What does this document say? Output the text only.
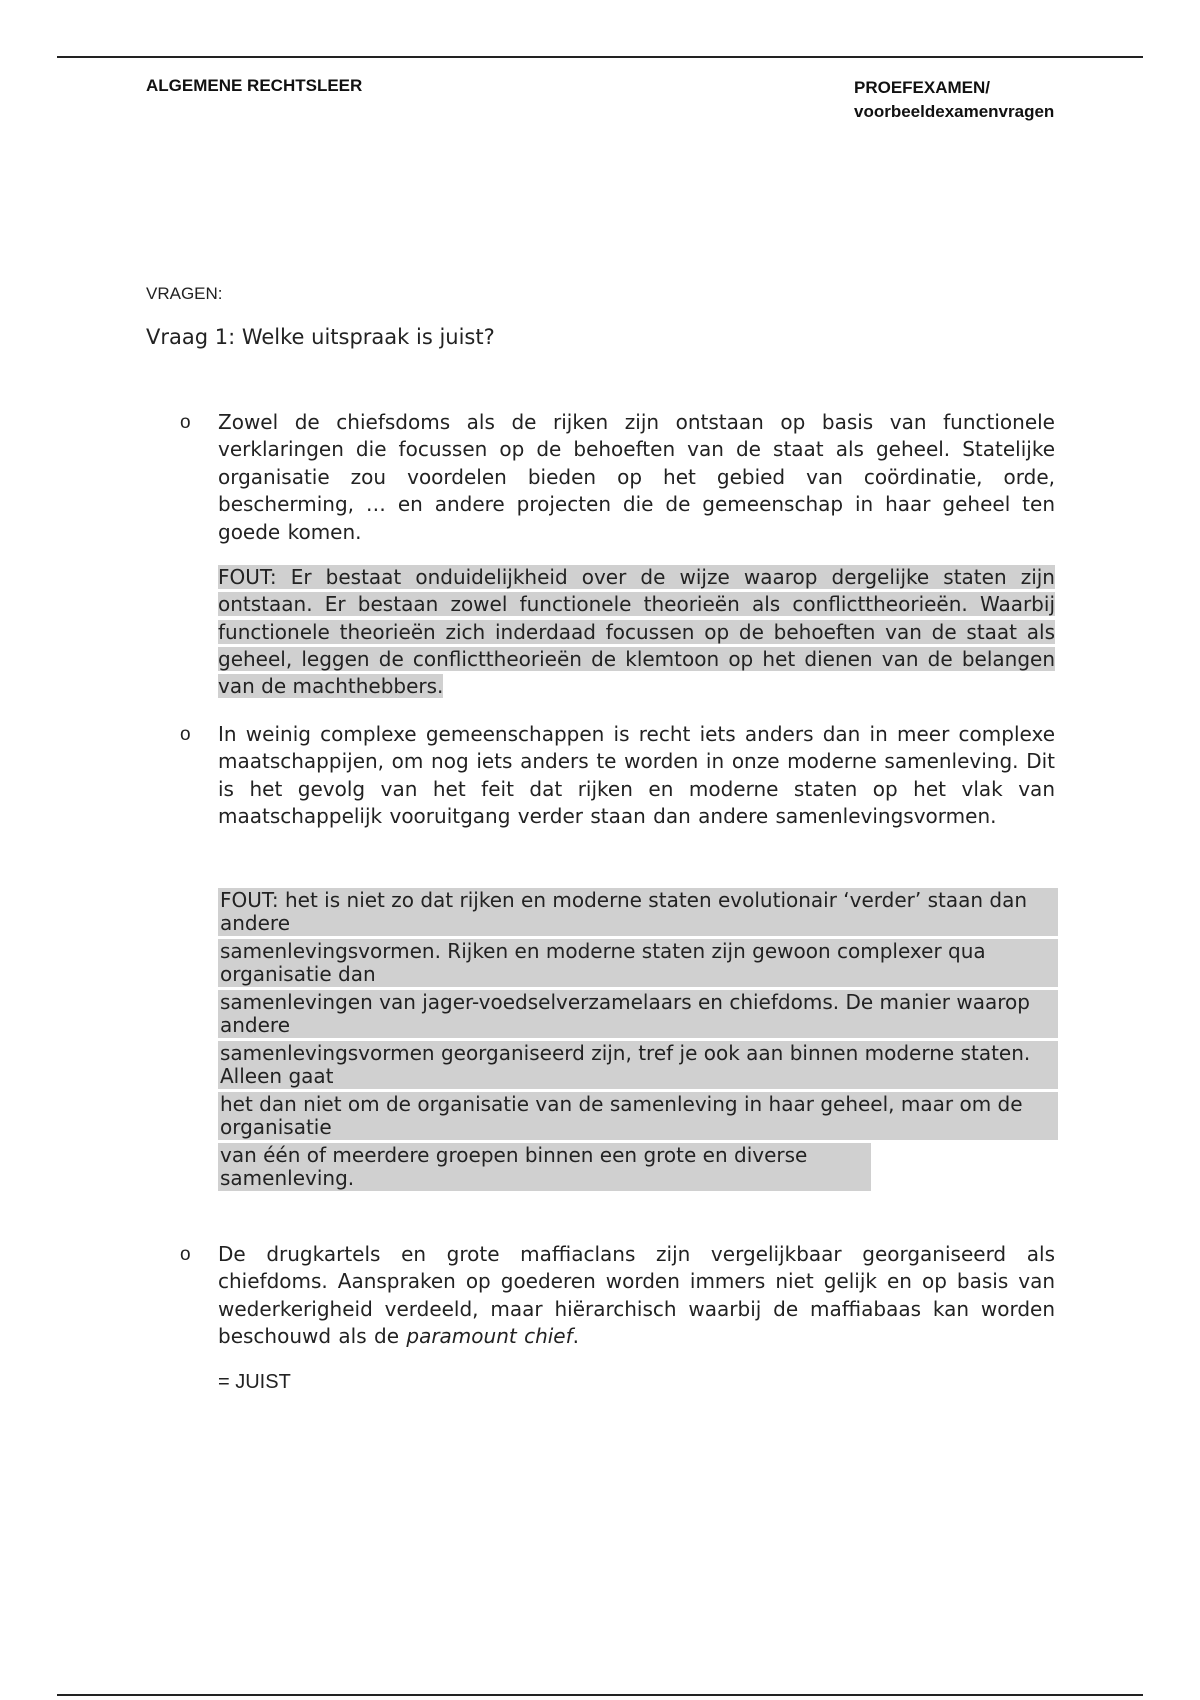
ALGEMENE RECHTSLEER	PROEFEXAMEN/
voorbeeldexamenvragen
VRAGEN:
Vraag 1: Welke uitspraak is juist?
o Zowel de chiefsdoms als de rijken zijn ontstaan op basis van functionele verklaringen die focussen op de behoeften van de staat als geheel. Statelijke organisatie zou voordelen bieden op het gebied van coördinatie, orde, bescherming, … en andere projecten die de gemeenschap in haar geheel ten goede komen.
FOUT: Er bestaat onduidelijkheid over de wijze waarop dergelijke staten zijn ontstaan. Er bestaan zowel functionele theorieën als conflicttheorieën. Waarbij functionele theorieën zich inderdaad focussen op de behoeften van de staat als geheel, leggen de conflicttheorieën de klemtoon op het dienen van de belangen van de machthebbers.
o In weinig complexe gemeenschappen is recht iets anders dan in meer complexe maatschappijen, om nog iets anders te worden in onze moderne samenleving. Dit is het gevolg van het feit dat rijken en moderne staten op het vlak van maatschappelijk vooruitgang verder staan dan andere samenlevingsvormen.
FOUT: het is niet zo dat rijken en moderne staten evolutionair ‘verder’ staan dan andere
samenlevingsvormen. Rijken en moderne staten zijn gewoon complexer qua organisatie dan
samenlevingen van jager-voedselverzamelaars en chiefdoms. De manier waarop andere
samenlevingsvormen georganiseerd zijn, tref je ook aan binnen moderne staten. Alleen gaat
het dan niet om de organisatie van de samenleving in haar geheel, maar om de organisatie
van één of meerdere groepen binnen een grote en diverse samenleving.
o De drugkartels en grote maffiaclans zijn vergelijkbaar georganiseerd als chiefdoms. Aanspraken op goederen worden immers niet gelijk en op basis van wederkerigheid verdeeld, maar hiërarchisch waarbij de maffiabaas kan worden beschouwd als de paramount chief.
= JUIST
